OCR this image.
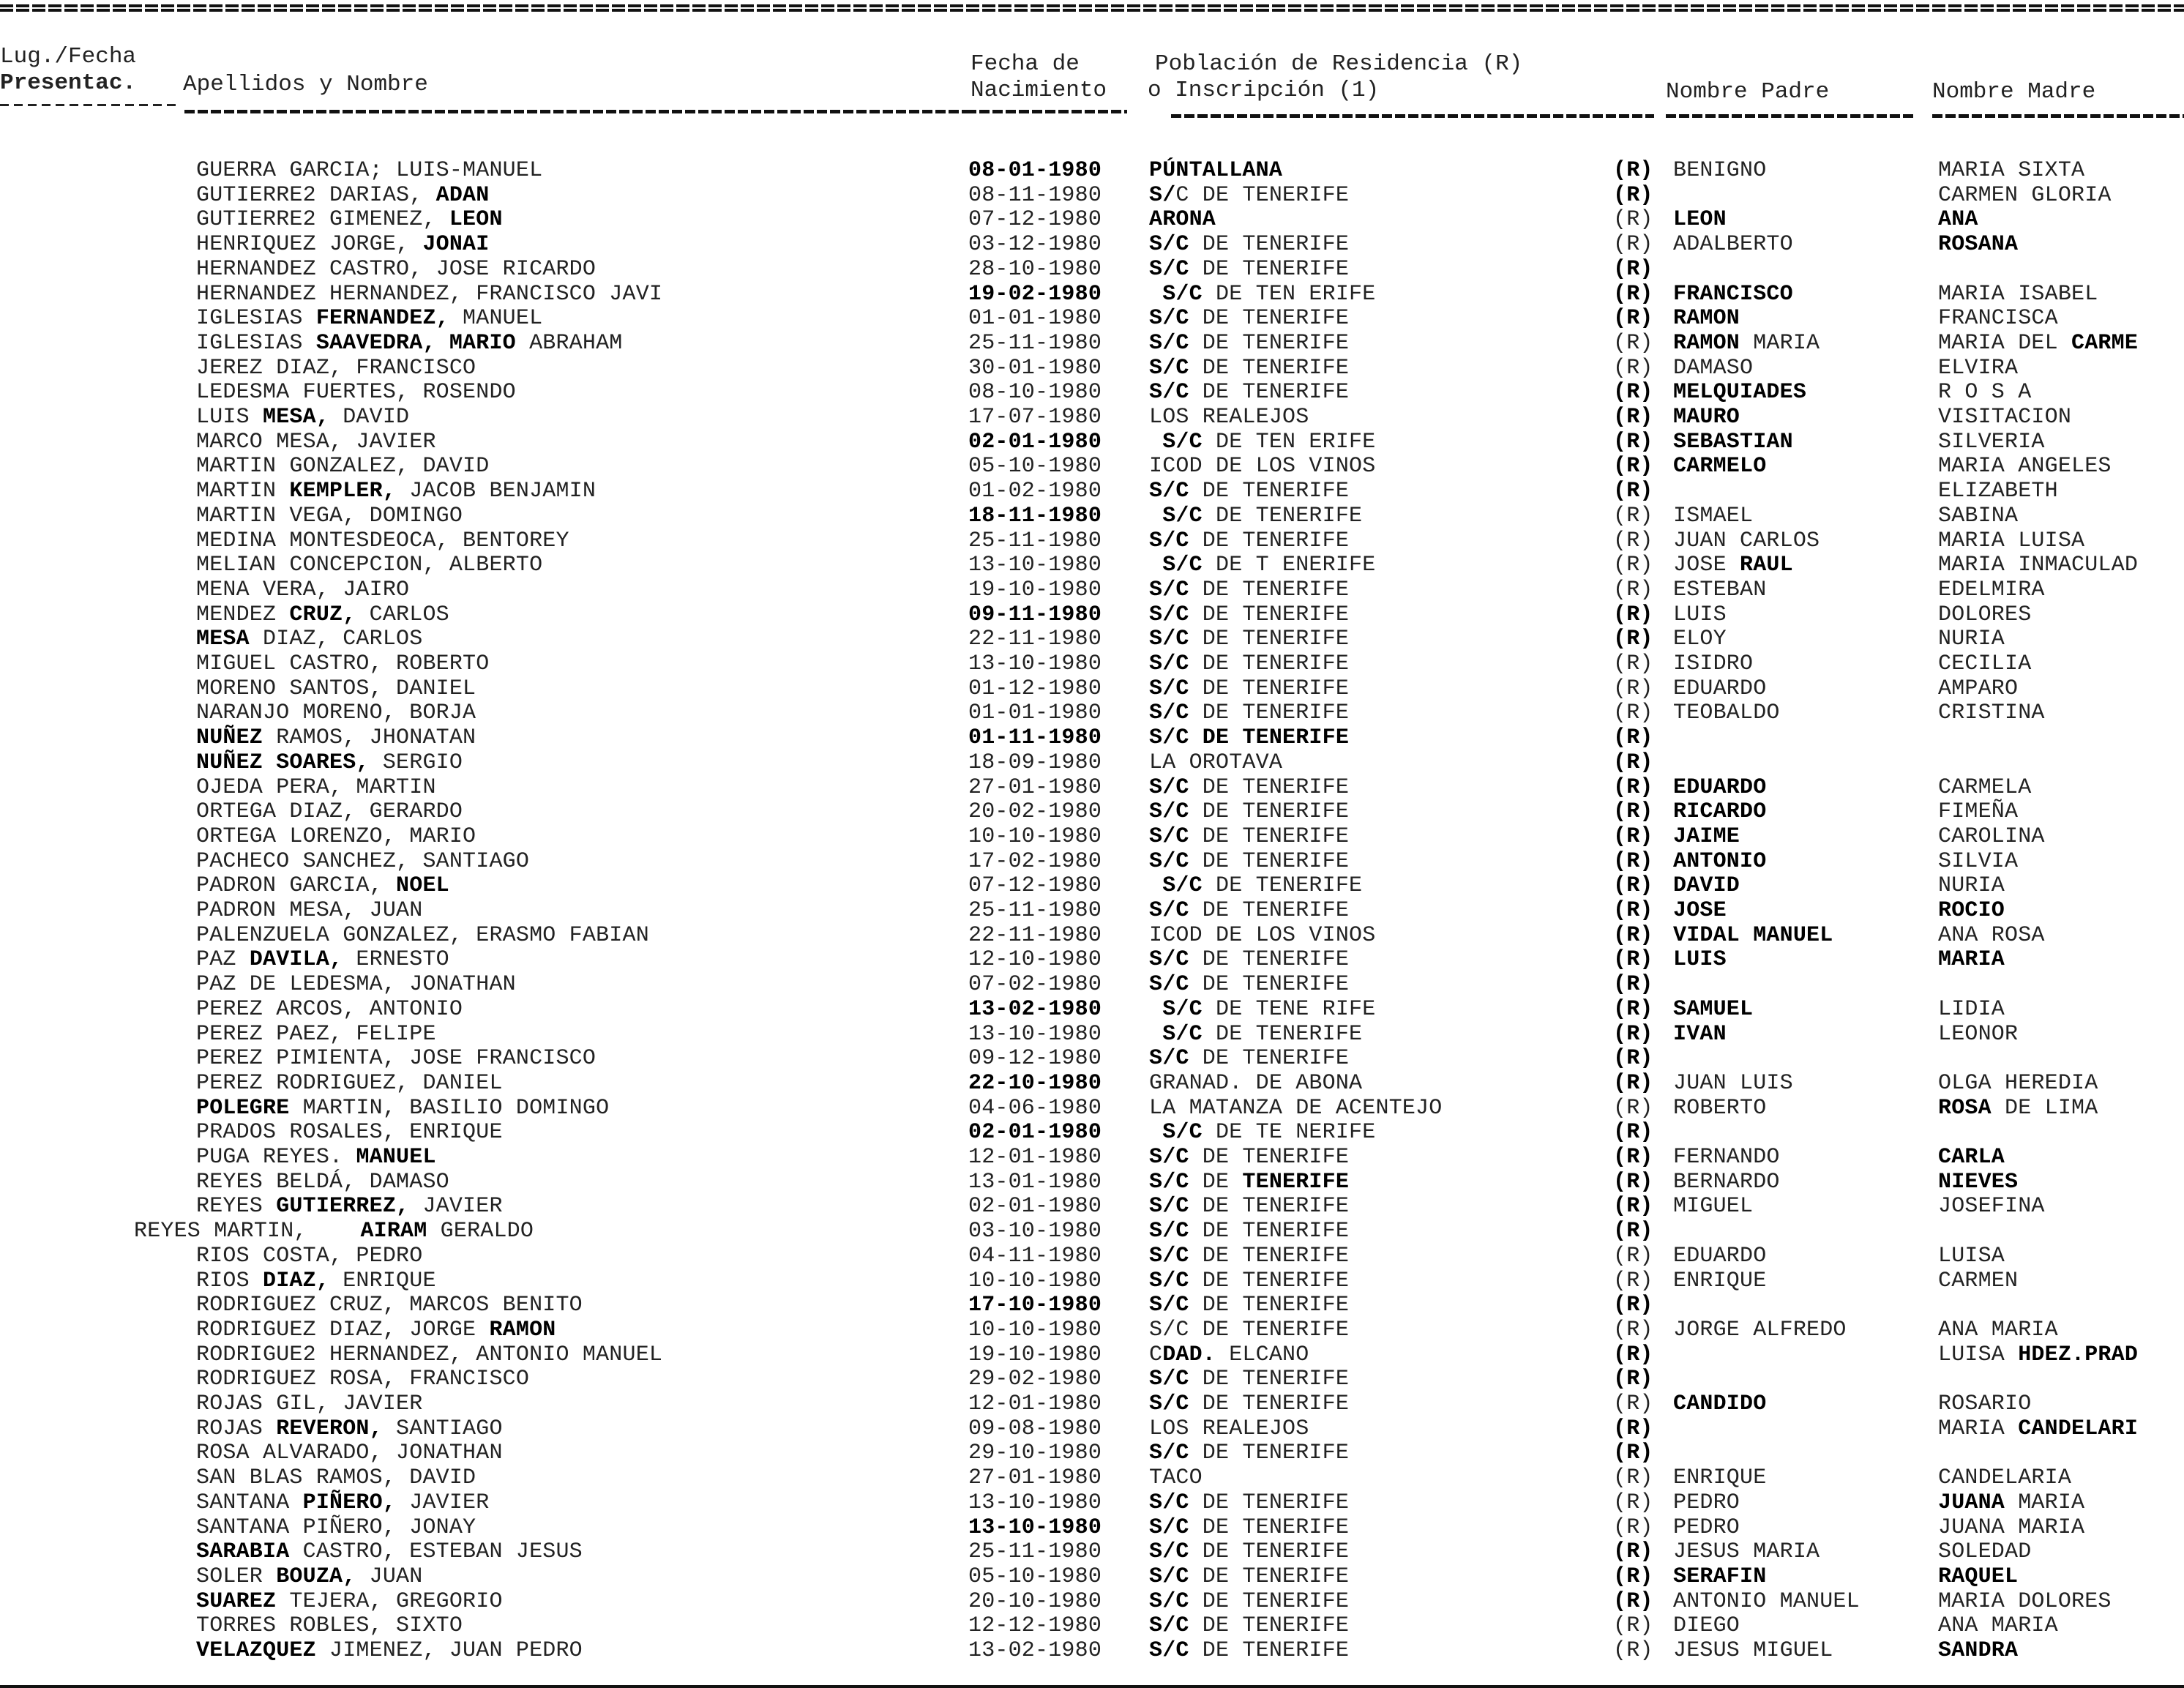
Lug./Fecha
Presentac. Apellidos y Nombre
Fecha de
Nacimiento
Población de Residencia (R)
o Inscripción (1)	Nombre Padre	Nombre Madre
GUERRA GARCIA; LUIS-MANUEL	08-01-1980 PÚNTALLANA	(R) BENIGNO	MARIA SIXTA
GUTIERRE2 DARIAS, ADAN	08-11-1980 S/C DE TENERIFE	(R)	CARMEN GLORIA
GUTIERRE2 GIMENEZ, LEON	07-12-1980 ARONA	(R) LEON	ANA
HENRIQUEZ JORGE, JONAI	03-12-1980 S/C DE TENERIFE	(R) ADALBERTO	ROSANA
HERNANDEZ CASTRO, JOSE RICARDO	28-10-1980 S/C DE TENERIFE	(R)
HERNANDEZ HERNANDEZ, FRANCISCO JAVI	19-02-1980	S/C DE TEN ERIFE	(R) FRANCISCO	MARIA ISABEL
IGLESIAS FERNANDEZ, MANUEL	01-01-1980 S/C DE TENERIFE	(R) RAMON	FRANCISCA
IGLESIAS SAAVEDRA, MARIO ABRAHAM	25-11-1980 S/C DE TENERIFE	(R) RAMON MARIA	MARIA DEL CARME
JEREZ DIAZ, FRANCISCO	30-01-1980 S/C DE TENERIFE	(R) DAMASO	ELVIRA
LEDESMA FUERTES, ROSENDO	08-10-1980 S/C DE TENERIFE	(R) MELQUIADES	R O S A
LUIS MESA, DAVID	17-07-1980 LOS REALEJOS	(R) MAURO	VISITACION
MARCO MESA, JAVIER	02-01-1980	S/C DE TEN ERIFE	(R) SEBASTIAN	SILVERIA
MARTIN GONZALEZ, DAVID	05-10-1980 ICOD DE LOS VINOS	(R) CARMELO	MARIA ANGELES
MARTIN KEMPLER, JACOB BENJAMIN	01-02-1980 S/C DE TENERIFE	(R)	ELIZABETH
MARTIN VEGA, DOMINGO	18-11-1980	S/C DE TENERIFE	(R) ISMAEL	SABINA
MEDINA MONTESDEOCA, BENTOREY	25-11-1980 S/C DE TENERIFE	(R) JUAN CARLOS	MARIA LUISA
MELIAN CONCEPCION, ALBERTO	13-10-1980	S/C DE T ENERIFE	(R) JOSE RAUL	MARIA INMACULAD
MENA VERA, JAIRO	19-10-1980 S/C DE TENERIFE	(R) ESTEBAN	EDELMIRA
MENDEZ CRUZ, CARLOS	09-11-1980 S/C DE TENERIFE	(R) LUIS	DOLORES
MESA DIAZ, CARLOS	22-11-1980 S/C DE TENERIFE	(R) ELOY	NURIA
MIGUEL CASTRO, ROBERTO	13-10-1980 S/C DE TENERIFE	(R) ISIDRO	CECILIA
MORENO SANTOS, DANIEL	01-12-1980 S/C DE TENERIFE	(R) EDUARDO	AMPARO
NARANJO MORENO, BORJA	01-01-1980 S/C DE TENERIFE	(R) TEOBALDO	CRISTINA
NUÑEZ RAMOS, JHONATAN	01-11-1980 S/C DE TENERIFE	(R)
NUÑEZ SOARES, SERGIO	18-09-1980 LA OROTAVA	(R)
OJEDA PERA, MARTIN	27-01-1980 S/C DE TENERIFE	(R) EDUARDO	CARMELA
ORTEGA DIAZ, GERARDO	20-02-1980 S/C DE TENERIFE	(R) RICARDO	FIMEÑA
ORTEGA LORENZO, MARIO	10-10-1980 S/C DE TENERIFE	(R) JAIME	CAROLINA
PACHECO SANCHEZ, SANTIAGO	17-02-1980 S/C DE TENERIFE	(R) ANTONIO	SILVIA
PADRON GARCIA, NOEL	07-12-1980	S/C DE TENERIFE	(R) DAVID	NURIA
PADRON MESA, JUAN	25-11-1980 S/C DE TENERIFE	(R) JOSE	ROCIO
PALENZUELA GONZALEZ, ERASMO FABIAN	22-11-1980 ICOD DE LOS VINOS	(R) VIDAL MANUEL	ANA ROSA
PAZ DAVILA, ERNESTO	12-10-1980 S/C DE TENERIFE	(R) LUIS	MARIA
PAZ DE LEDESMA, JONATHAN	07-02-1980 S/C DE TENERIFE	(R)
PEREZ ARCOS, ANTONIO	13-02-1980	S/C DE TENE RIFE	(R) SAMUEL	LIDIA
PEREZ PAEZ, FELIPE	13-10-1980	S/C DE TENERIFE	(R) IVAN	LEONOR
PEREZ PIMIENTA, JOSE FRANCISCO	09-12-1980 S/C DE TENERIFE	(R)
PEREZ RODRIGUEZ, DANIEL	22-10-1980 GRANAD. DE ABONA	(R) JUAN LUIS	OLGA HEREDIA
POLEGRE MARTIN, BASILIO DOMINGO	04-06-1980 LA MATANZA DE ACENTEJO	(R) ROBERTO	ROSA DE LIMA
PRADOS ROSALES, ENRIQUE	02-01-1980	S/C DE TE NERIFE	(R)
PUGA REYES. MANUEL	12-01-1980 S/C DE TENERIFE	(R) FERNANDO	CARLA
REYES BELDÁ, DAMASO	13-01-1980 S/C DE TENERIFE	(R) BERNARDO	NIEVES
REYES GUTIERREZ, JAVIER	02-01-1980 S/C DE TENERIFE	(R) MIGUEL	JOSEFINA
REYES MARTIN,    AIRAM GERALDO	03-10-1980 S/C DE TENERIFE	(R)
RIOS COSTA, PEDRO	04-11-1980 S/C DE TENERIFE	(R) EDUARDO	LUISA
RIOS DIAZ, ENRIQUE	10-10-1980 S/C DE TENERIFE	(R) ENRIQUE	CARMEN
RODRIGUEZ CRUZ, MARCOS BENITO	17-10-1980 S/C DE TENERIFE	(R)
RODRIGUEZ DIAZ, JORGE RAMON	10-10-1980 S/C DE TENERIFE	(R) JORGE ALFREDO	ANA MARIA
RODRIGUE2 HERNANDEZ, ANTONIO MANUEL	19-10-1980 CDAD. ELCANO	(R)	LUISA HDEZ.PRAD
RODRIGUEZ ROSA, FRANCISCO	29-02-1980 S/C DE TENERIFE	(R)
ROJAS GIL, JAVIER	12-01-1980 S/C DE TENERIFE	(R) CANDIDO	ROSARIO
ROJAS REVERON, SANTIAGO	09-08-1980 LOS REALEJOS	(R)	MARIA CANDELARI
ROSA ALVARADO, JONATHAN	29-10-1980 S/C DE TENERIFE	(R)
SAN BLAS RAMOS, DAVID	27-01-1980 TACO	(R) ENRIQUE	CANDELARIA
SANTANA PIÑERO, JAVIER	13-10-1980 S/C DE TENERIFE	(R) PEDRO	JUANA MARIA
SANTANA PIÑERO, JONAY	13-10-1980 S/C DE TENERIFE	(R) PEDRO	JUANA MARIA
SARABIA CASTRO, ESTEBAN JESUS	25-11-1980 S/C DE TENERIFE	(R) JESUS MARIA	SOLEDAD
SOLER BOUZA, JUAN	05-10-1980 S/C DE TENERIFE	(R) SERAFIN	RAQUEL
SUAREZ TEJERA, GREGORIO	20-10-1980 S/C DE TENERIFE	(R) ANTONIO MANUEL	MARIA DOLORES
TORRES ROBLES, SIXTO	12-12-1980 S/C DE TENERIFE	(R) DIEGO	ANA MARIA
VELAZQUEZ JIMENEZ, JUAN PEDRO	13-02-1980 S/C DE TENERIFE	(R) JESUS MIGUEL	SANDRA
